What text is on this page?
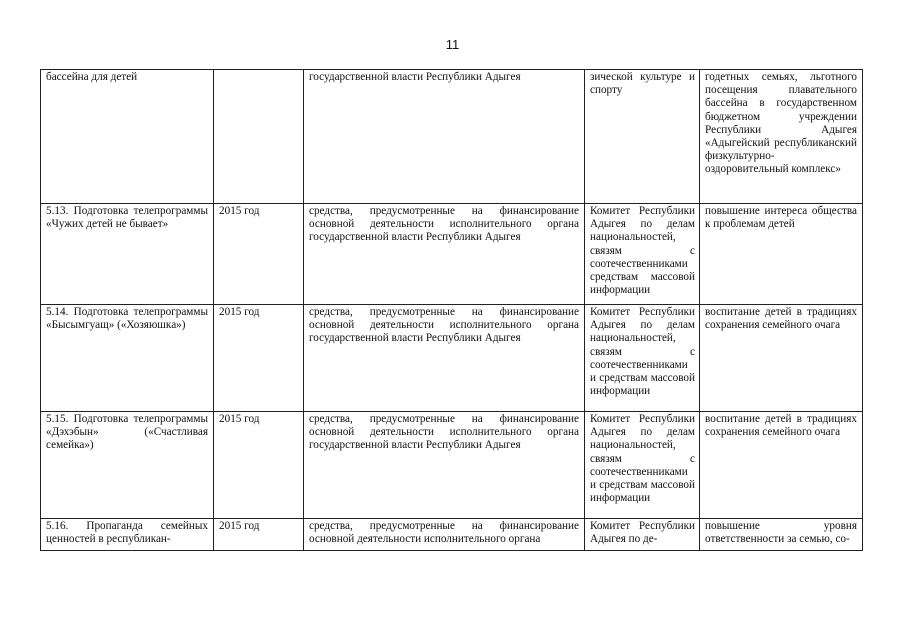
11
бассейна для детей		государственной власти Республики Адыгея	зической культуре и спорту	годетных семьях, льготного посещения плавательного бассейна в государственном бюджетном учреждении Республики Адыгея «Адыгейский республиканский физкультурно-оздоровительный комплекс»
5.13. Подготовка телепрограммы «Чужих детей не бывает»	2015 год	средства, предусмотренные на финансирование основной деятельности исполнительного органа государственной власти Республики Адыгея	Комитет Республики Адыгея по делам национальностей, связям с соотечественниками средствам массовой информации	повышение интереса общества к проблемам детей
5.14. Подготовка телепрограммы «Бысымгуащ» («Хозяюшка»)	2015 год	средства, предусмотренные на финансирование основной деятельности исполнительного органа государственной власти Республики Адыгея	Комитет Республики Адыгея по делам национальностей, связям с соотечественниками и средствам массовой информации	воспитание детей в традициях сохранения семейного очага
5.15. Подготовка телепрограммы «Дэхэбын» («Счастливая семейка»)	2015 год	средства, предусмотренные на финансирование основной деятельности исполнительного органа государственной власти Республики Адыгея	Комитет Республики Адыгея по делам национальностей, связям с соотечественниками и средствам массовой информации	воспитание детей в традициях сохранения семейного очага
5.16. Пропаганда семейных ценностей в республикан-	2015 год	средства, предусмотренные на финансирование основной деятельности исполнительного органа	Комитет Республики Адыгея по де-	повышение уровня ответственности за семью, со-
